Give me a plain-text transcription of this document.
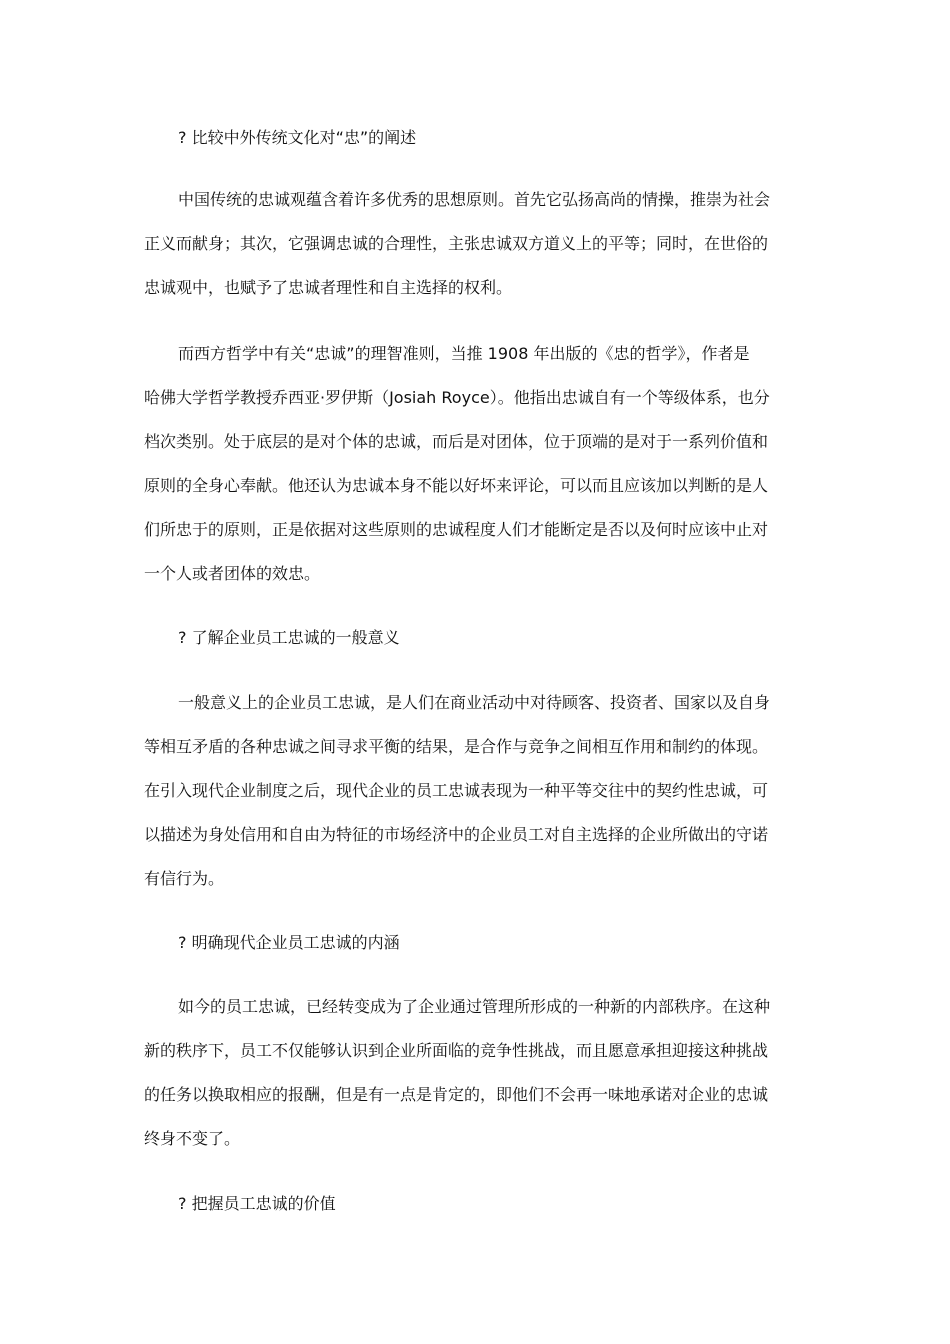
? 比较中外传统文化对“忠”的阐述
中国传统的忠诚观蕴含着许多优秀的思想原则。首先它弘扬高尚的情操，推崇为社会
正义而献身；其次，它强调忠诚的合理性，主张忠诚双方道义上的平等；同时，在世俗的
忠诚观中，也赋予了忠诚者理性和自主选择的权利。
而西方哲学中有关“忠诚”的理智准则，当推 1908 年出版的《忠的哲学》，作者是
哈佛大学哲学教授乔西亚·罗伊斯（Josiah Royce）。他指出忠诚自有一个等级体系，也分
档次类别。处于底层的是对个体的忠诚，而后是对团体，位于顶端的是对于一系列价值和
原则的全身心奉献。他还认为忠诚本身不能以好坏来评论，可以而且应该加以判断的是人
们所忠于的原则，正是依据对这些原则的忠诚程度人们才能断定是否以及何时应该中止对
一个人或者团体的效忠。
? 了解企业员工忠诚的一般意义
一般意义上的企业员工忠诚，是人们在商业活动中对待顾客、投资者、国家以及自身
等相互矛盾的各种忠诚之间寻求平衡的结果，是合作与竞争之间相互作用和制约的体现。
在引入现代企业制度之后，现代企业的员工忠诚表现为一种平等交往中的契约性忠诚，可
以描述为身处信用和自由为特征的市场经济中的企业员工对自主选择的企业所做出的守诺
有信行为。
? 明确现代企业员工忠诚的内涵
如今的员工忠诚，已经转变成为了企业通过管理所形成的一种新的内部秩序。在这种
新的秩序下，员工不仅能够认识到企业所面临的竞争性挑战，而且愿意承担迎接这种挑战
的任务以换取相应的报酬，但是有一点是肯定的，即他们不会再一味地承诺对企业的忠诚
终身不变了。
? 把握员工忠诚的价值
